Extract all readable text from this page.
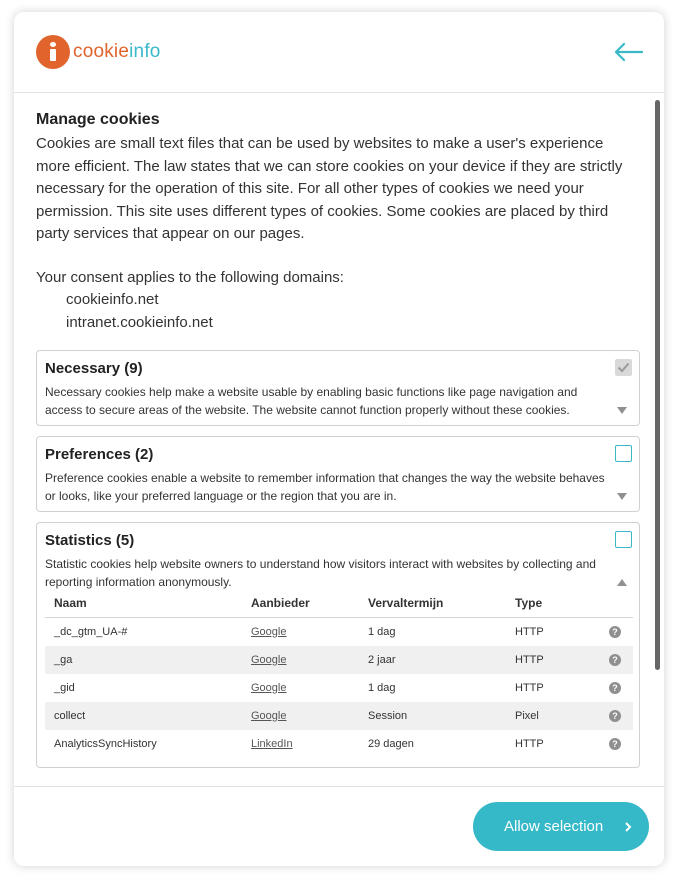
cookieinfo
Manage cookies

Cookies are small text files that can be used by websites to make a user's experience more efficient. The law states that we can store cookies on your device if they are strictly necessary for the operation of this site. For all other types of cookies we need your permission. This site uses different types of cookies. Some cookies are placed by third party services that appear on our pages.

Your consent applies to the following domains:
cookieinfo.net
intranet.cookieinfo.net
Necessary (9)

Necessary cookies help make a website usable by enabling basic functions like page navigation and access to secure areas of the website. The website cannot function properly without these cookies.

Preferences (2)

Preference cookies enable a website to remember information that changes the way the website behaves or looks, like your preferred language or the region that you are in.

Statistics (5)

Statistic cookies help website owners to understand how visitors interact with websites by collecting and reporting information anonymously.

Naam	Aanbieder	Vervaltermijn	Type	
_dc_gtm_UA-#	Google	1 dag	HTTP	?
_ga	Google	2 jaar	HTTP	?
_gid	Google	1 dag	HTTP	?
collect	Google	Session	Pixel	?
AnalyticsSyncHistory	LinkedIn	29 dagen	HTTP	?
Allow selection
